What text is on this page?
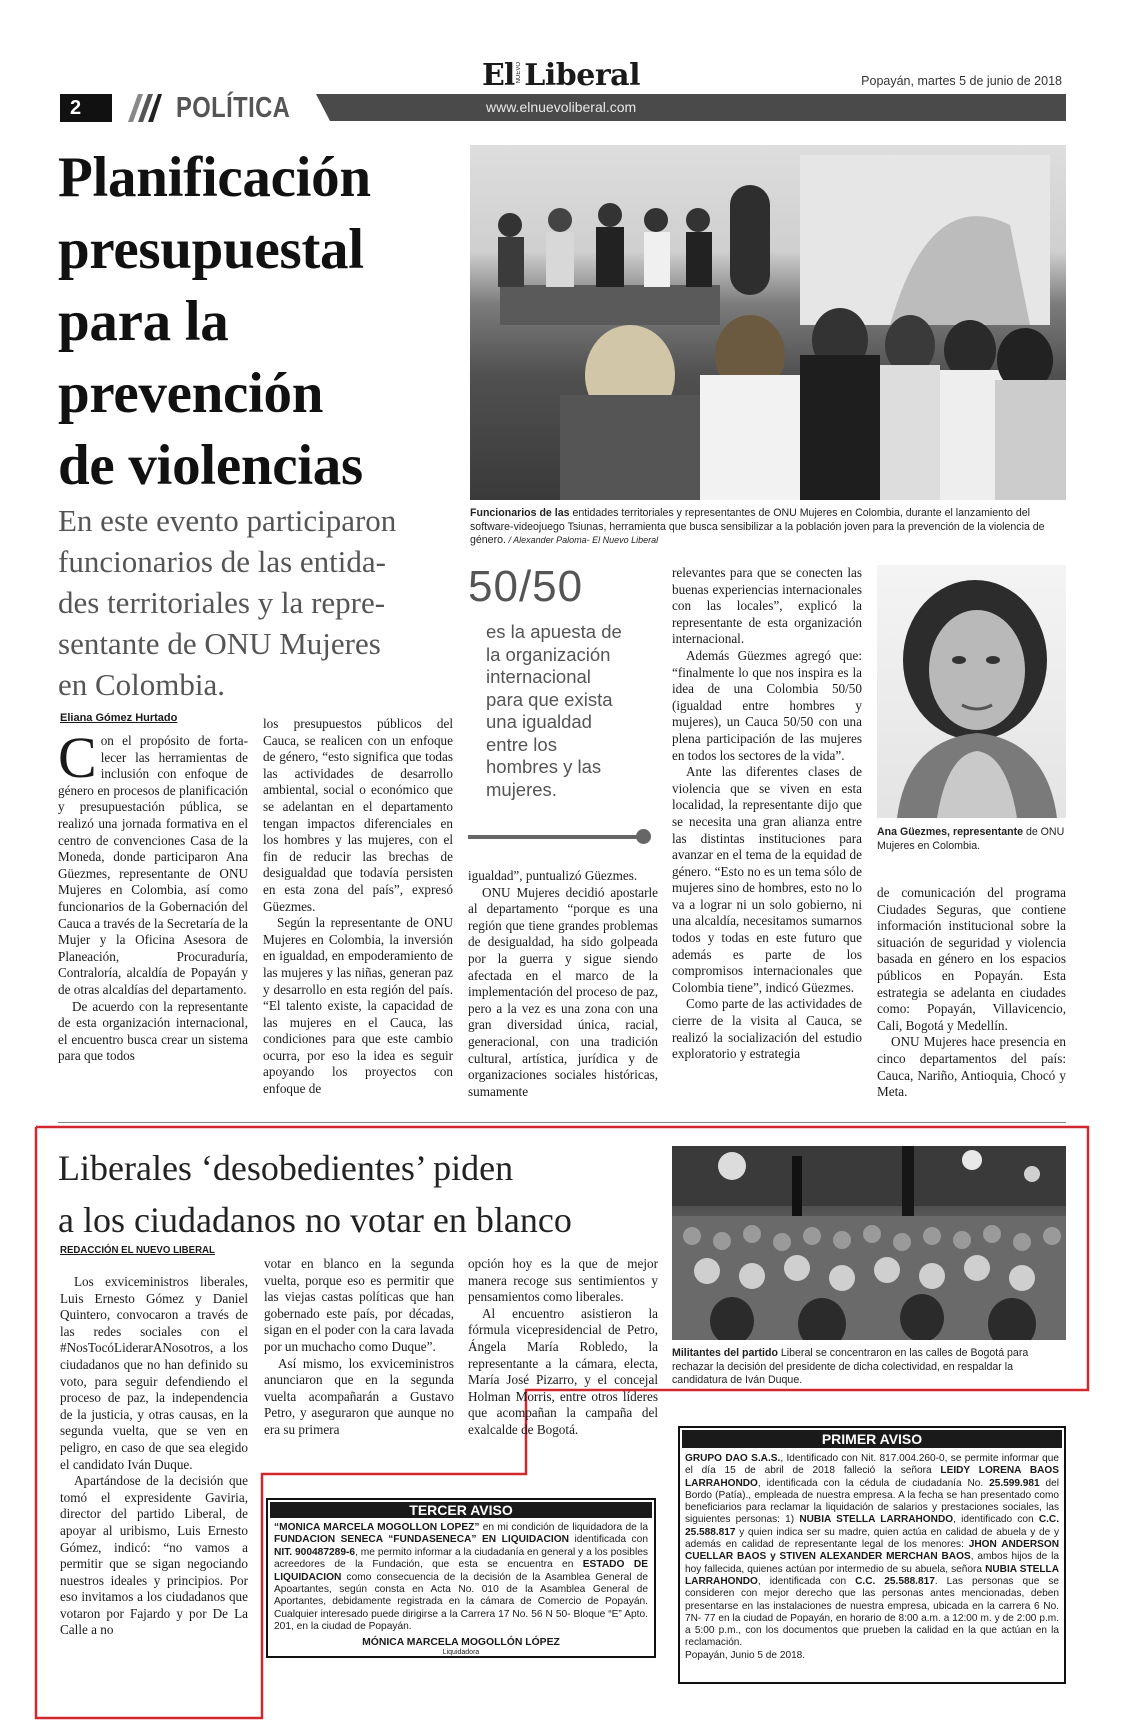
2	POLÍTICA	www.elnuevoliberal.com
El NUEVOLiberal	Popayán, martes 5 de junio de 2018
Planificación
presupuestal
para la
prevención
de violencias
En este evento participaron
funcionarios de las entida-
des territoriales y la repre-
sentante de ONU Mujeres
en Colombia.
Eliana Gómez Hurtado
Funcionarios de las entidades territoriales y representantes de ONU Mujeres en Colombia, durante el lanzamiento del software-videojuego Tsiunas, herramienta que busca sensibilizar a la población joven para la prevención de la violencia de género. / Alexander Paloma- El Nuevo Liberal

Con el propósito de fortalecer las herramientas de inclusión con enfoque de género en procesos de planificación y presupuestación pública, se realizó una jornada formativa en el centro de convenciones Casa de la Moneda, donde participaron Ana Güezmes, representante de ONU Mujeres en Colombia, así como funcionarios de la Gobernación del Cauca a través de la Secretaría de la Mujer y la Oficina Asesora de Planeación, Procuraduría, Contraloría, alcaldía de Popayán y de otras alcaldías del departamento.

De acuerdo con la representante de esta organización internacional, el encuentro busca crear un sistema para que todos

los presupuestos públicos del Cauca, se realicen con un enfoque de género, “esto significa que todas las actividades de desarrollo ambiental, social o económico que se adelantan en el departamento tengan impactos diferenciales en los hombres y las mujeres, con el fin de reducir las brechas de desigualdad que todavía persisten en esta zona del país”, expresó Güezmes.

Según la representante de ONU Mujeres en Colombia, la inversión en igualdad, en empoderamiento de las mujeres y las niñas, generan paz y desarrollo en esta región del país. “El talento existe, la capacidad de las mujeres en el Cauca, las condiciones para que este cambio ocurra, por eso la idea es seguir apoyando los proyectos con enfoque de

50/50
es la apuesta de
la organización
internacional
para que exista
una igualdad
entre los
hombres y las
mujeres.

igualdad”, puntualizó Güezmes.

ONU Mujeres decidió apostarle al departamento “porque es una región que tiene grandes problemas de desigualdad, ha sido golpeada por la guerra y sigue siendo afectada en el marco de la implementación del proceso de paz, pero a la vez es una zona con una gran diversidad única, racial, generacional, con una tradición cultural, artística, jurídica y de organizaciones sociales históricas, sumamente

relevantes para que se conecten las buenas experiencias internacionales con las locales”, explicó la representante de esta organización internacional.

Además Güezmes agregó que: “finalmente lo que nos inspira es la idea de una Colombia 50/50 (igualdad entre hombres y mujeres), un Cauca 50/50 con una plena participación de las mujeres en todos los sectores de la vida”.

Ante las diferentes clases de violencia que se viven en esta localidad, la representante dijo que se necesita una gran alianza entre las distintas instituciones para avanzar en el tema de la equidad de género. “Esto no es un tema sólo de mujeres sino de hombres, esto no lo va a lograr ni un solo gobierno, ni una alcaldía, necesitamos sumarnos todos y todas en este futuro que además es parte de los compromisos internacionales que Colombia tiene”, indicó Güezmes.

Como parte de las actividades de cierre de la visita al Cauca, se realizó la socialización del estudio exploratorio y estrategia

Ana Güezmes, representante de ONU Mujeres en Colombia.

de comunicación del programa Ciudades Seguras, que contiene información institucional sobre la situación de seguridad y violencia basada en género en los espacios públicos en Popayán. Esta estrategia se adelanta en ciudades como: Popayán, Villavicencio, Cali, Bogotá y Medellín.

ONU Mujeres hace presencia en cinco departamentos del país: Cauca, Nariño, Antioquia, Chocó y Meta.

Liberales ‘desobedientes’ piden
a los ciudadanos no votar en blanco
REDACCIÓN EL NUEVO LIBERAL

Los exviceministros liberales, Luis Ernesto Gómez y Daniel Quintero, convocaron a través de las redes sociales con el #NosTocóLiderarANosotros, a los ciudadanos que no han definido su voto, para seguir defendiendo el proceso de paz, la independencia de la justicia, y otras causas, en la segunda vuelta, que se ven en peligro, en caso de que sea elegido el candidato Iván Duque.

Apartándose de la decisión que tomó el expresidente Gaviria, director del partido Liberal, de apoyar al uribismo, Luis Ernesto Gómez, indicó: “no vamos a permitir que se sigan negociando nuestros ideales y principios. Por eso invitamos a los ciudadanos que votaron por Fajardo y por De La Calle a no

votar en blanco en la segunda vuelta, porque eso es permitir que las viejas castas políticas que han gobernado este país, por décadas, sigan en el poder con la cara lavada por un muchacho como Duque”.

Así mismo, los exviceministros anunciaron que en la segunda vuelta acompañarán a Gustavo Petro, y aseguraron que aunque no era su primera

opción hoy es la que de mejor manera recoge sus sentimientos y pensamientos como liberales.

Al encuentro asistieron la fórmula vicepresidencial de Petro, Ángela María Robledo, la representante a la cámara, electa, María José Pizarro, y el concejal Holman Morris, entre otros líderes que acompañan la campaña del exalcalde de Bogotá.

Militantes del partido Liberal se concentraron en las calles de Bogotá para rechazar la decisión del presidente de dicha colectividad, en respaldar la candidatura de Iván Duque.
TERCER AVISO
“MONICA MARCELA MOGOLLON LOPEZ” en mi condición de liquidadora de la FUNDACION SENECA “FUNDASENECA” EN LIQUIDACION identificada con NIT. 900487289-6, me permito informar a la ciudadanía en general y a los posibles acreedores de la Fundación, que esta se encuentra en ESTADO DE LIQUIDACION como consecuencia de la decisión de la Asamblea General de Apoartantes, según consta en Acta No. 010 de la Asamblea General de Aportantes, debidamente registrada en la cámara de Comercio de Popayán. Cualquier interesado puede dirigirse a la Carrera 17 No. 56 N 50- Bloque “E” Apto. 201, en la ciudad de Popayán.
MÓNICA MARCELA MOGOLLÓN LÓPEZ
Liquidadora
PRIMER AVISO
GRUPO DAO S.A.S., Identificado con Nit. 817.004.260-0, se permite informar que el día 15 de abril de 2018 falleció la señora LEIDY LORENA BAOS LARRAHONDO, identificada con la cédula de ciudadanía No. 25.599.981 del Bordo (Patía)., empleada de nuestra empresa. A la fecha se han presentado como beneficiarios para reclamar la liquidación de salarios y prestaciones sociales, las siguientes personas: 1) NUBIA STELLA LARRAHONDO, identificado con C.C. 25.588.817 y quien indica ser su madre, quien actúa en calidad de abuela y de y además en calidad de representante legal de los menores: JHON ANDERSON CUELLAR BAOS y STIVEN ALEXANDER MERCHAN BAOS, ambos hijos de la hoy fallecida, quienes actúan por intermedio de su abuela, señora NUBIA STELLA LARRAHONDO, identificada con C.C. 25.588.817. Las personas que se consideren con mejor derecho que las personas antes mencionadas, deben presentarse en las instalaciones de nuestra empresa, ubicada en la carrera 6 No. 7N- 77 en la ciudad de Popayán, en horario de 8:00 a.m. a 12:00 m. y de 2:00 p.m. a 5:00 p.m., con los documentos que prueben la calidad en la que actúan en la reclamación.
Popayán, Junio 5 de 2018.
